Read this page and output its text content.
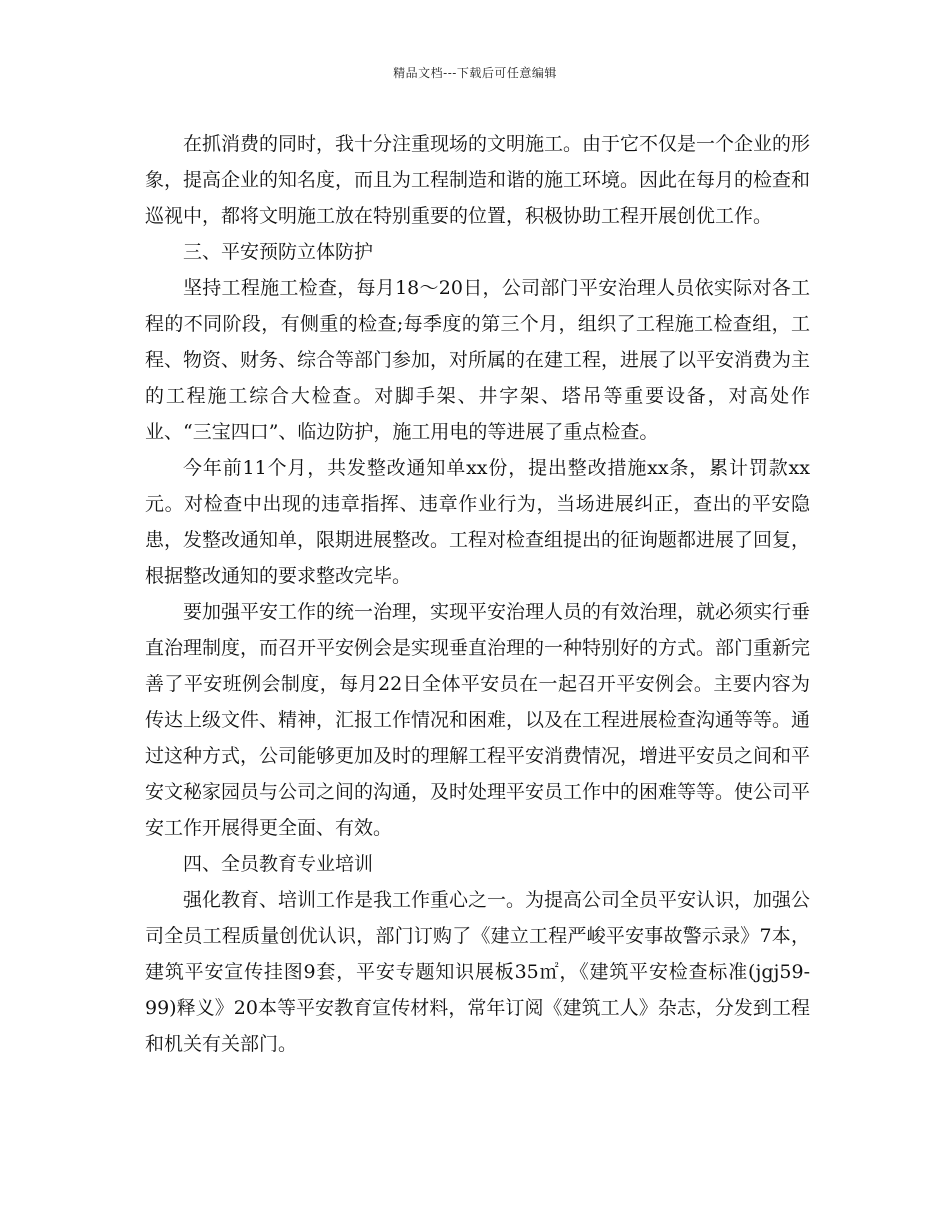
精品文档---下载后可任意编辑

在抓消费的同时，我十分注重现场的文明施工。由于它不仅是一个企业的形象，提高企业的知名度，而且为工程制造和谐的施工环境。因此在每月的检查和巡视中，都将文明施工放在特别重要的位置，积极协助工程开展创优工作。

三、平安预防立体防护

坚持工程施工检查，每月18～20日，公司部门平安治理人员依实际对各工程的不同阶段，有侧重的检查;每季度的第三个月，组织了工程施工检查组，工程、物资、财务、综合等部门参加，对所属的在建工程，进展了以平安消费为主的工程施工综合大检查。对脚手架、井字架、塔吊等重要设备，对高处作业、“三宝四口”、临边防护，施工用电的等进展了重点检查。

今年前11个月，共发整改通知单xx份，提出整改措施xx条，累计罚款xx元。对检查中出现的违章指挥、违章作业行为，当场进展纠正，查出的平安隐患，发整改通知单，限期进展整改。工程对检查组提出的征询题都进展了回复，根据整改通知的要求整改完毕。

要加强平安工作的统一治理，实现平安治理人员的有效治理，就必须实行垂直治理制度，而召开平安例会是实现垂直治理的一种特别好的方式。部门重新完善了平安班例会制度，每月22日全体平安员在一起召开平安例会。主要内容为传达上级文件、精神，汇报工作情况和困难，以及在工程进展检查沟通等等。通过这种方式，公司能够更加及时的理解工程平安消费情况，增进平安员之间和平安文秘家园员与公司之间的沟通，及时处理平安员工作中的困难等等。使公司平安工作开展得更全面、有效。

四、全员教育专业培训

强化教育、培训工作是我工作重心之一。为提高公司全员平安认识，加强公司全员工程质量创优认识，部门订购了《建立工程严峻平安事故警示录》7本，建筑平安宣传挂图9套，平安专题知识展板35㎡，《建筑平安检查标准(jgj59-99)释义》20本等平安教育宣传材料，常年订阅《建筑工人》杂志，分发到工程和机关有关部门。
